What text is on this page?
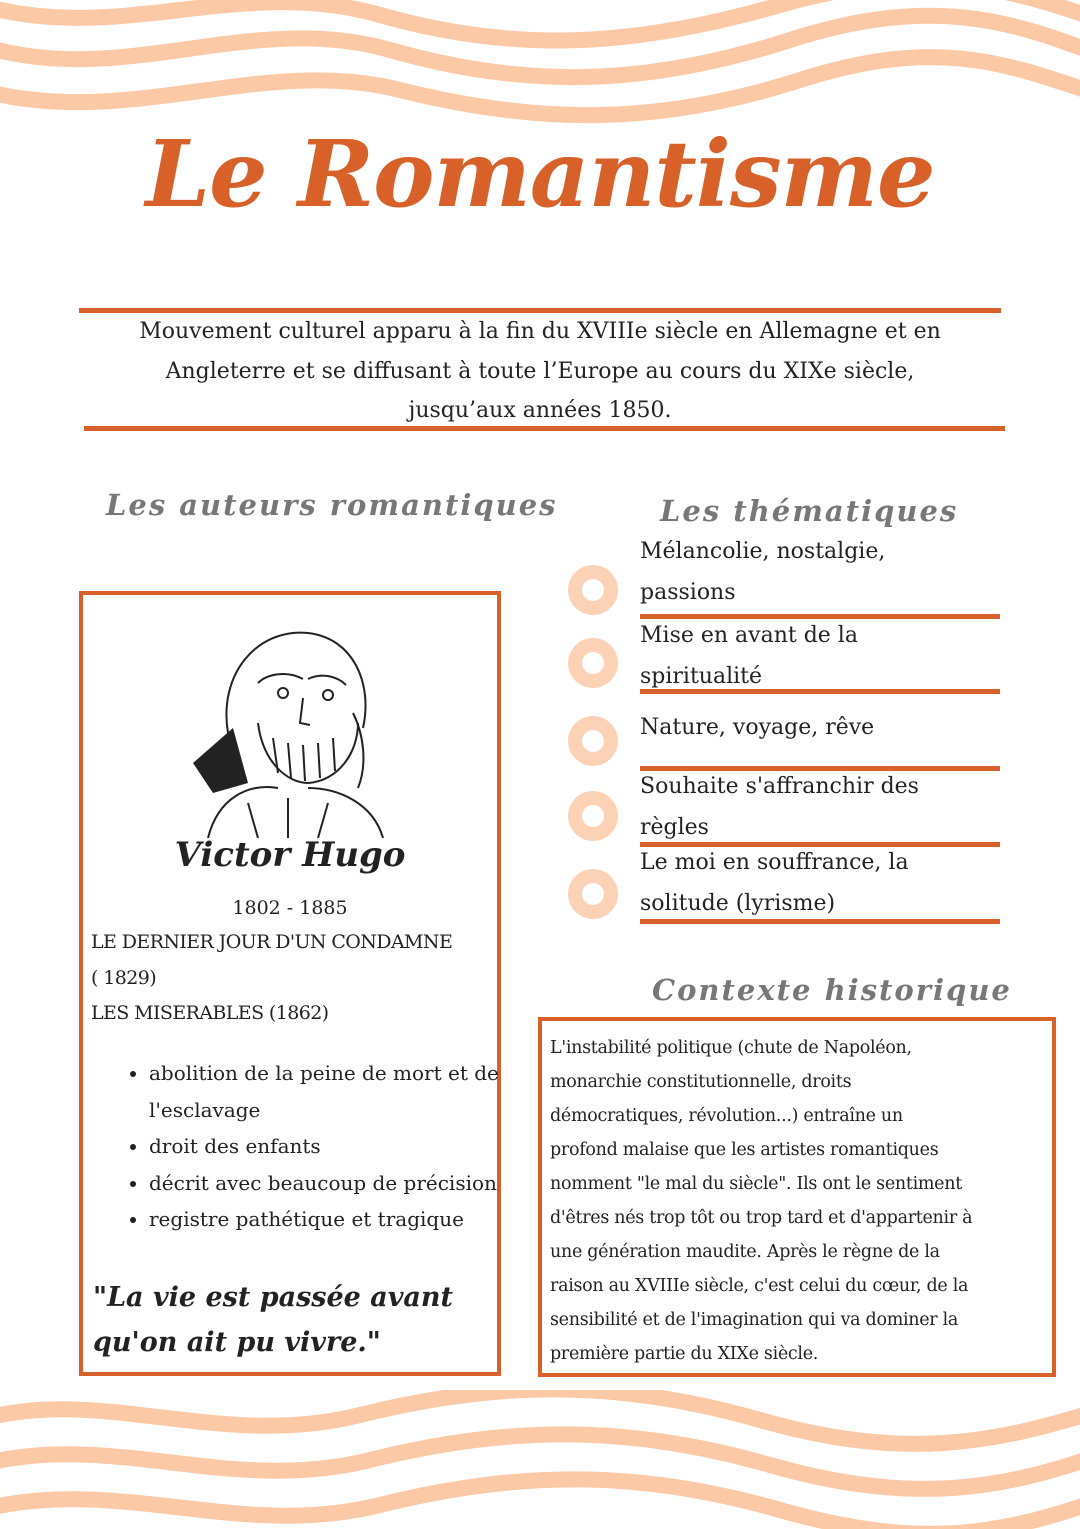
Le Romantisme
Mouvement culturel apparu à la fin du XVIIIe siècle en Allemagne et en
Angleterre et se diffusant à toute l’Europe au cours du XIXe siècle,
jusqu’aux années 1850.
Les auteurs romantiques
Victor Hugo
1802 - 1885
LE DERNIER JOUR D'UN CONDAMNE
( 1829)
LES MISERABLES (1862)
• abolition de la peine de mort et de l'esclavage
• droit des enfants
• décrit avec beaucoup de précision
• registre pathétique et tragique
"La vie est passée avant qu'on ait pu vivre."
Les thématiques
Mélancolie, nostalgie, passions
Mise en avant de la spiritualité
Nature, voyage, rêve
Souhaite s'affranchir des règles
Le moi en souffrance, la solitude (lyrisme)
Contexte historique
L'instabilité politique (chute de Napoléon,
monarchie constitutionnelle, droits
démocratiques, révolution...) entraîne un
profond malaise que les artistes romantiques
nomment "le mal du siècle". Ils ont le sentiment
d'êtres nés trop tôt ou trop tard et d'appartenir à
une génération maudite. Après le règne de la
raison au XVIIIe siècle, c'est celui du cœur, de la
sensibilité et de l'imagination qui va dominer la
première partie du XIXe siècle.
